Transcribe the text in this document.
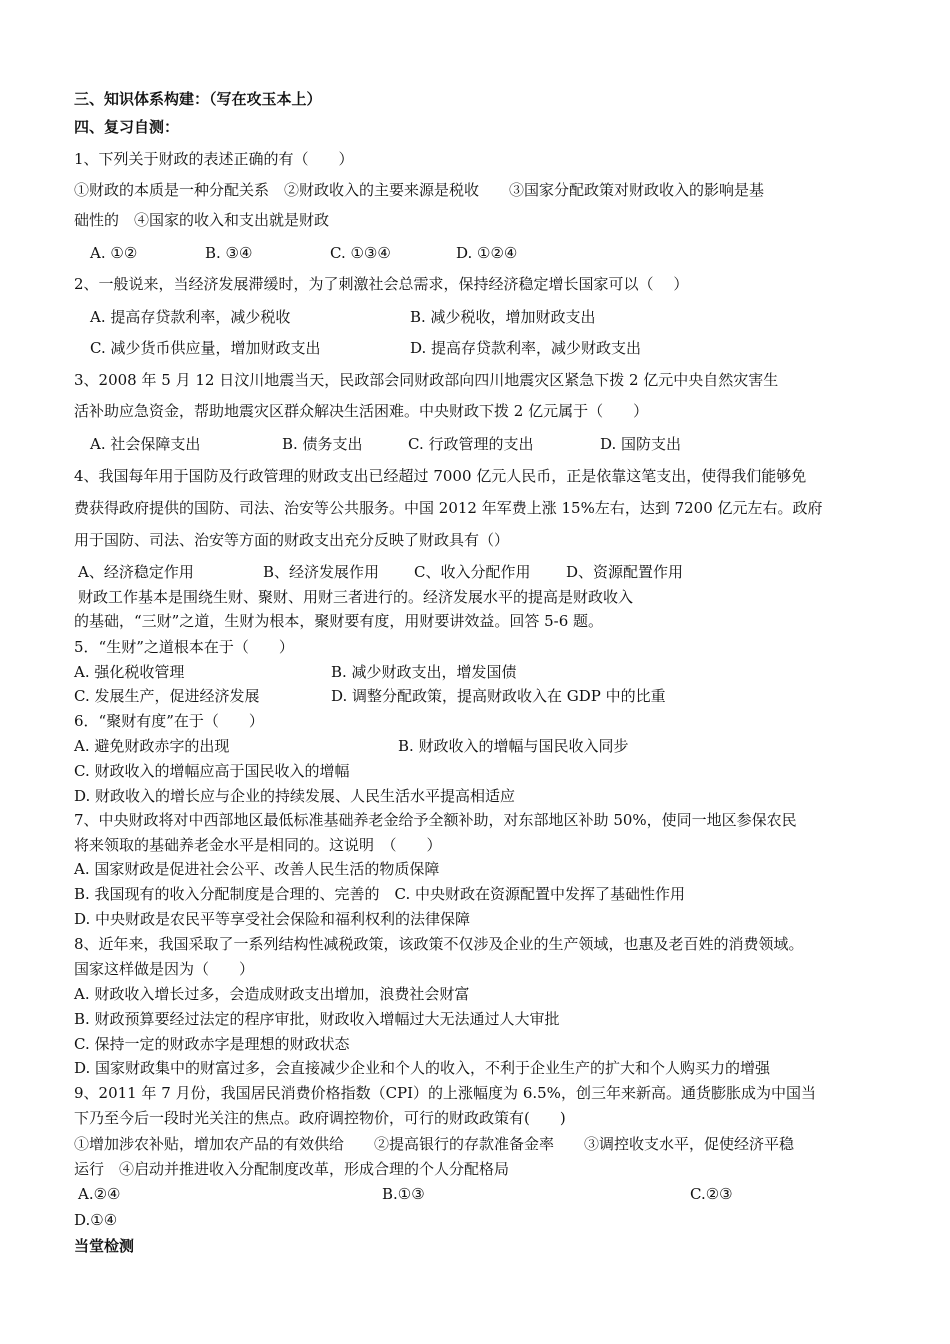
三、知识体系构建：（写在攻玉本上）
四、复习自测：
1、下列关于财政的表述正确的有（　　）
①财政的本质是一种分配关系　②财政收入的主要来源是税收　　③国家分配政策对财政收入的影响是基
础性的　④国家的收入和支出就是财政
A. ①②	B. ③④	C. ①③④	D. ①②④
2、一般说来，当经济发展滞缓时，为了刺激社会总需求，保持经济稳定增长国家可以（　 ）
A. 提高存贷款利率，减少税收	B. 减少税收，增加财政支出
C. 减少货币供应量，增加财政支出	D. 提高存贷款利率，减少财政支出
3、2008 年 5 月 12 日汶川地震当天，民政部会同财政部向四川地震灾区紧急下拨 2 亿元中央自然灾害生
活补助应急资金，帮助地震灾区群众解决生活困难。中央财政下拨 2 亿元属于（　　）
A. 社会保障支出	B. 债务支出	C. 行政管理的支出	D. 国防支出
4、我国每年用于国防及行政管理的财政支出已经超过 7000 亿元人民币，正是依靠这笔支出，使得我们能够免
费获得政府提供的国防、司法、治安等公共服务。中国 2012 年军费上涨 15%左右，达到 7200 亿元左右。政府
用于国防、司法、治安等方面的财政支出充分反映了财政具有（）
A、经济稳定作用	B、经济发展作用 C、收入分配作用 D、资源配置作用
财政工作基本是围绕生财、聚财、用财三者进行的。经济发展水平的提高是财政收入
的基础，“三财”之道，生财为根本，聚财要有度，用财要讲效益。回答 5-6 题。
5．“生财”之道根本在于（　　）
A. 强化税收管理	B. 减少财政支出，增发国债
C. 发展生产，促进经济发展	D. 调整分配政策，提高财政收入在 GDP 中的比重
6．“聚财有度”在于（　　）
A. 避免财政赤字的出现	B. 财政收入的增幅与国民收入同步
C. 财政收入的增幅应高于国民收入的增幅
D. 财政收入的增长应与企业的持续发展、人民生活水平提高相适应
7、中央财政将对中西部地区最低标准基础养老金给予全额补助，对东部地区补助 50%，使同一地区参保农民
将来领取的基础养老金水平是相同的。这说明　（　　）
A. 国家财政是促进社会公平、改善人民生活的物质保障
B. 我国现有的收入分配制度是合理的、完善的　C. 中央财政在资源配置中发挥了基础性作用
D. 中央财政是农民平等享受社会保险和福利权利的法律保障
8、近年来，我国采取了一系列结构性减税政策，该政策不仅涉及企业的生产领域，也惠及老百姓的消费领域。
国家这样做是因为（　　）
A. 财政收入增长过多，会造成财政支出增加，浪费社会财富
B. 财政预算要经过法定的程序审批，财政收入增幅过大无法通过人大审批
C. 保持一定的财政赤字是理想的财政状态
D. 国家财政集中的财富过多，会直接减少企业和个人的收入，不利于企业生产的扩大和个人购买力的增强
9、2011 年 7 月份，我国居民消费价格指数（CPI）的上涨幅度为 6.5%，创三年来新高。通货膨胀成为中国当
下乃至今后一段时光关注的焦点。政府调控物价，可行的财政政策有(　　)
①增加涉农补贴，增加农产品的有效供给　　②提高银行的存款准备金率　　③调控收支水平，促使经济平稳
运行　④启动并推进收入分配制度改革，形成合理的个人分配格局
A.②④	B.①③	C.②③
D.①④
当堂检测
